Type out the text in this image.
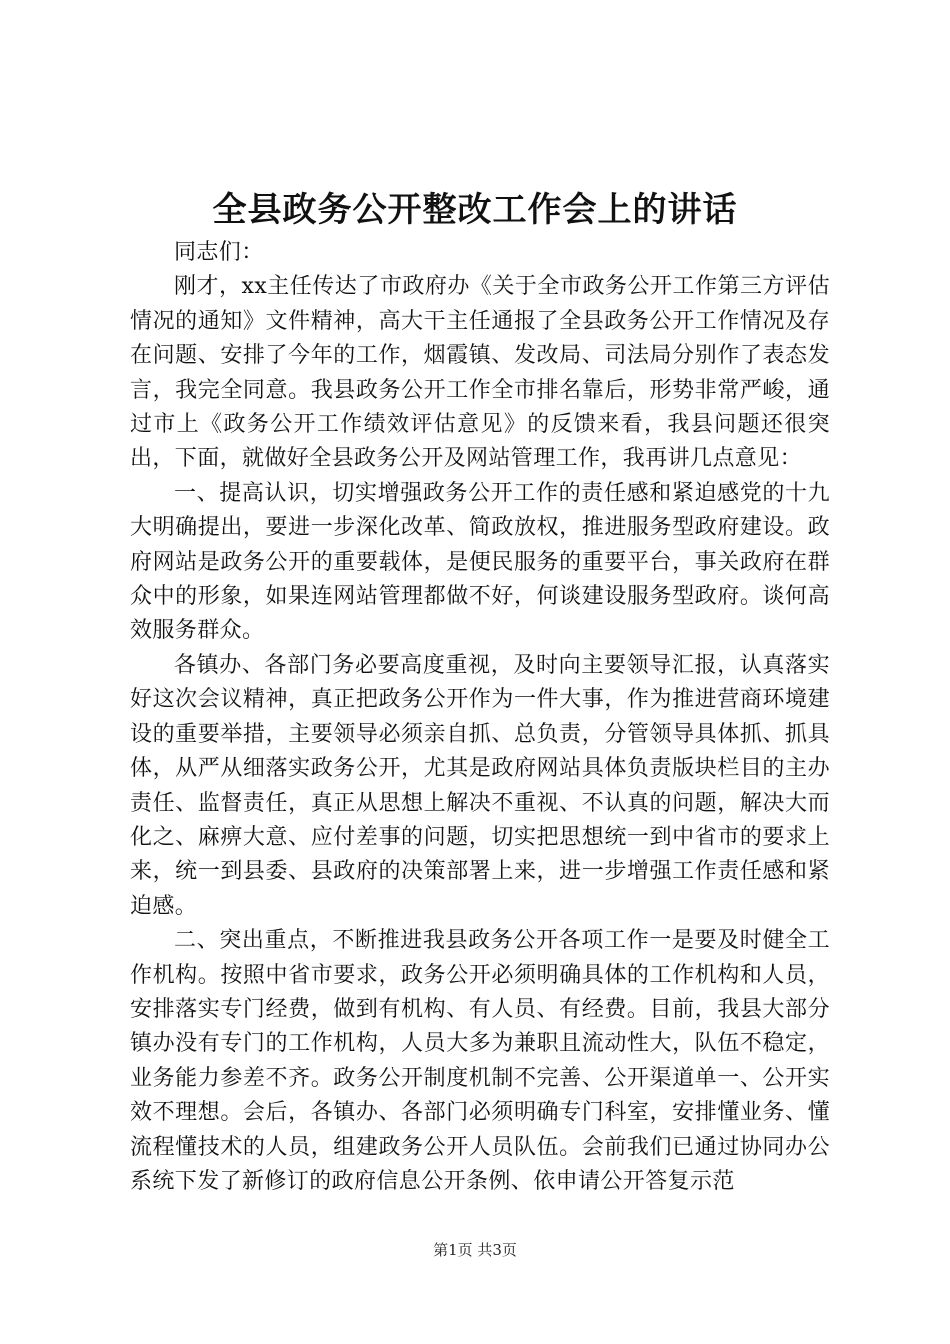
全县政务公开整改工作会上的讲话

同志们：

刚才，xx主任传达了市政府办《关于全市政务公开工作第三方评估情况的通知》文件精神，高大干主任通报了全县政务公开工作情况及存在问题、安排了今年的工作，烟霞镇、发改局、司法局分别作了表态发言，我完全同意。我县政务公开工作全市排名靠后，形势非常严峻，通过市上《政务公开工作绩效评估意见》的反馈来看，我县问题还很突出，下面，就做好全县政务公开及网站管理工作，我再讲几点意见：

一、提高认识，切实增强政务公开工作的责任感和紧迫感党的十九大明确提出，要进一步深化改革、简政放权，推进服务型政府建设。政府网站是政务公开的重要载体，是便民服务的重要平台，事关政府在群众中的形象，如果连网站管理都做不好，何谈建设服务型政府。谈何高效服务群众。

各镇办、各部门务必要高度重视，及时向主要领导汇报，认真落实好这次会议精神，真正把政务公开作为一件大事，作为推进营商环境建设的重要举措，主要领导必须亲自抓、总负责，分管领导具体抓、抓具体，从严从细落实政务公开，尤其是政府网站具体负责版块栏目的主办责任、监督责任，真正从思想上解决不重视、不认真的问题，解决大而化之、麻痹大意、应付差事的问题，切实把思想统一到中省市的要求上来，统一到县委、县政府的决策部署上来，进一步增强工作责任感和紧迫感。

二、突出重点，不断推进我县政务公开各项工作一是要及时健全工作机构。按照中省市要求，政务公开必须明确具体的工作机构和人员，安排落实专门经费，做到有机构、有人员、有经费。目前，我县大部分镇办没有专门的工作机构，人员大多为兼职且流动性大，队伍不稳定，业务能力参差不齐。政务公开制度机制不完善、公开渠道单一、公开实效不理想。会后，各镇办、各部门必须明确专门科室，安排懂业务、懂流程懂技术的人员，组建政务公开人员队伍。会前我们已通过协同办公系统下发了新修订的政府信息公开条例、依申请公开答复示范

第1页 共3页
